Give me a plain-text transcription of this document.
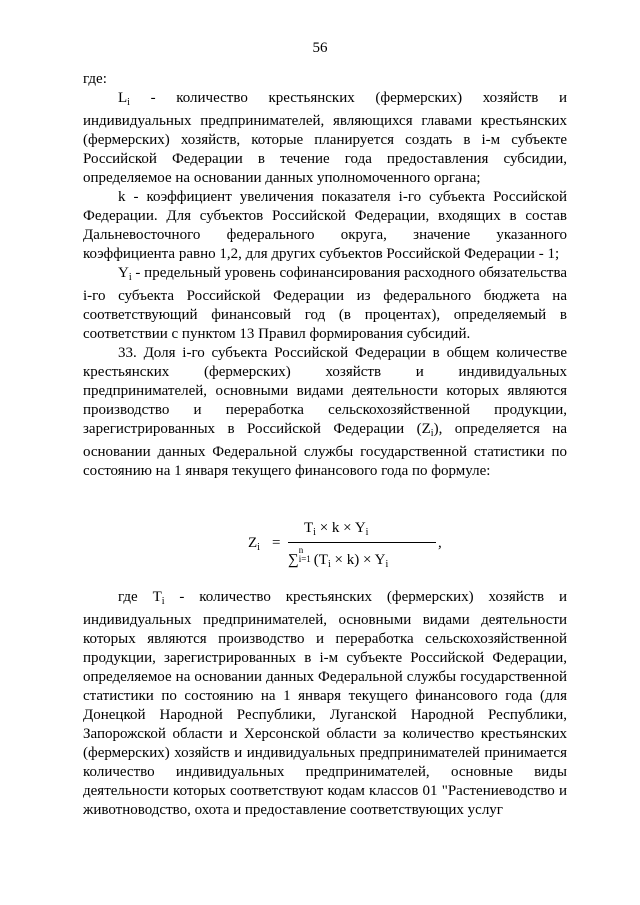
56

где:

$L_i$ - количество крестьянских (фермерских) хозяйств и индивидуальных предпринимателей, являющихся главами крестьянских (фермерских) хозяйств, которые планируется создать в i-м субъекте Российской Федерации в течение года предоставления субсидии, определяемое на основании данных уполномоченного органа;

k - коэффициент увеличения показателя i-го субъекта Российской Федерации. Для субъектов Российской Федерации, входящих в состав Дальневосточного федерального округа, значение указанного коэффициента равно 1,2, для других субъектов Российской Федерации - 1;

$Y_i$ - предельный уровень софинансирования расходного обязательства i-го субъекта Российской Федерации из федерального бюджета на соответствующий финансовый год (в процентах), определяемый в соответствии с пунктом 13 Правил формирования субсидий.

33. Доля i-го субъекта Российской Федерации в общем количестве крестьянских (фермерских) хозяйств и индивидуальных предпринимателей, основными видами деятельности которых являются производство и переработка сельскохозяйственной продукции, зарегистрированных в Российской Федерации $(Z_i)$, определяется на основании данных Федеральной службы государственной статистики по состоянию на 1 января текущего финансового года по формуле:

$Z_i$ =
$T_i \times k \times Y_i$
∑n
i=1 $(T_i \times k) \times Y_i$
,

где $T_i$ - количество крестьянских (фермерских) хозяйств и индивидуальных предпринимателей, основными видами деятельности которых являются производство и переработка сельскохозяйственной продукции, зарегистрированных в i-м субъекте Российской Федерации, определяемое на основании данных Федеральной службы государственной статистики по состоянию на 1 января текущего финансового года (для Донецкой Народной Республики, Луганской Народной Республики, Запорожской области и Херсонской области за количество крестьянских (фермерских) хозяйств и индивидуальных предпринимателей принимается количество индивидуальных предпринимателей, основные виды деятельности которых соответствуют кодам классов 01 "Растениеводство и животноводство, охота и предоставление соответствующих услуг
